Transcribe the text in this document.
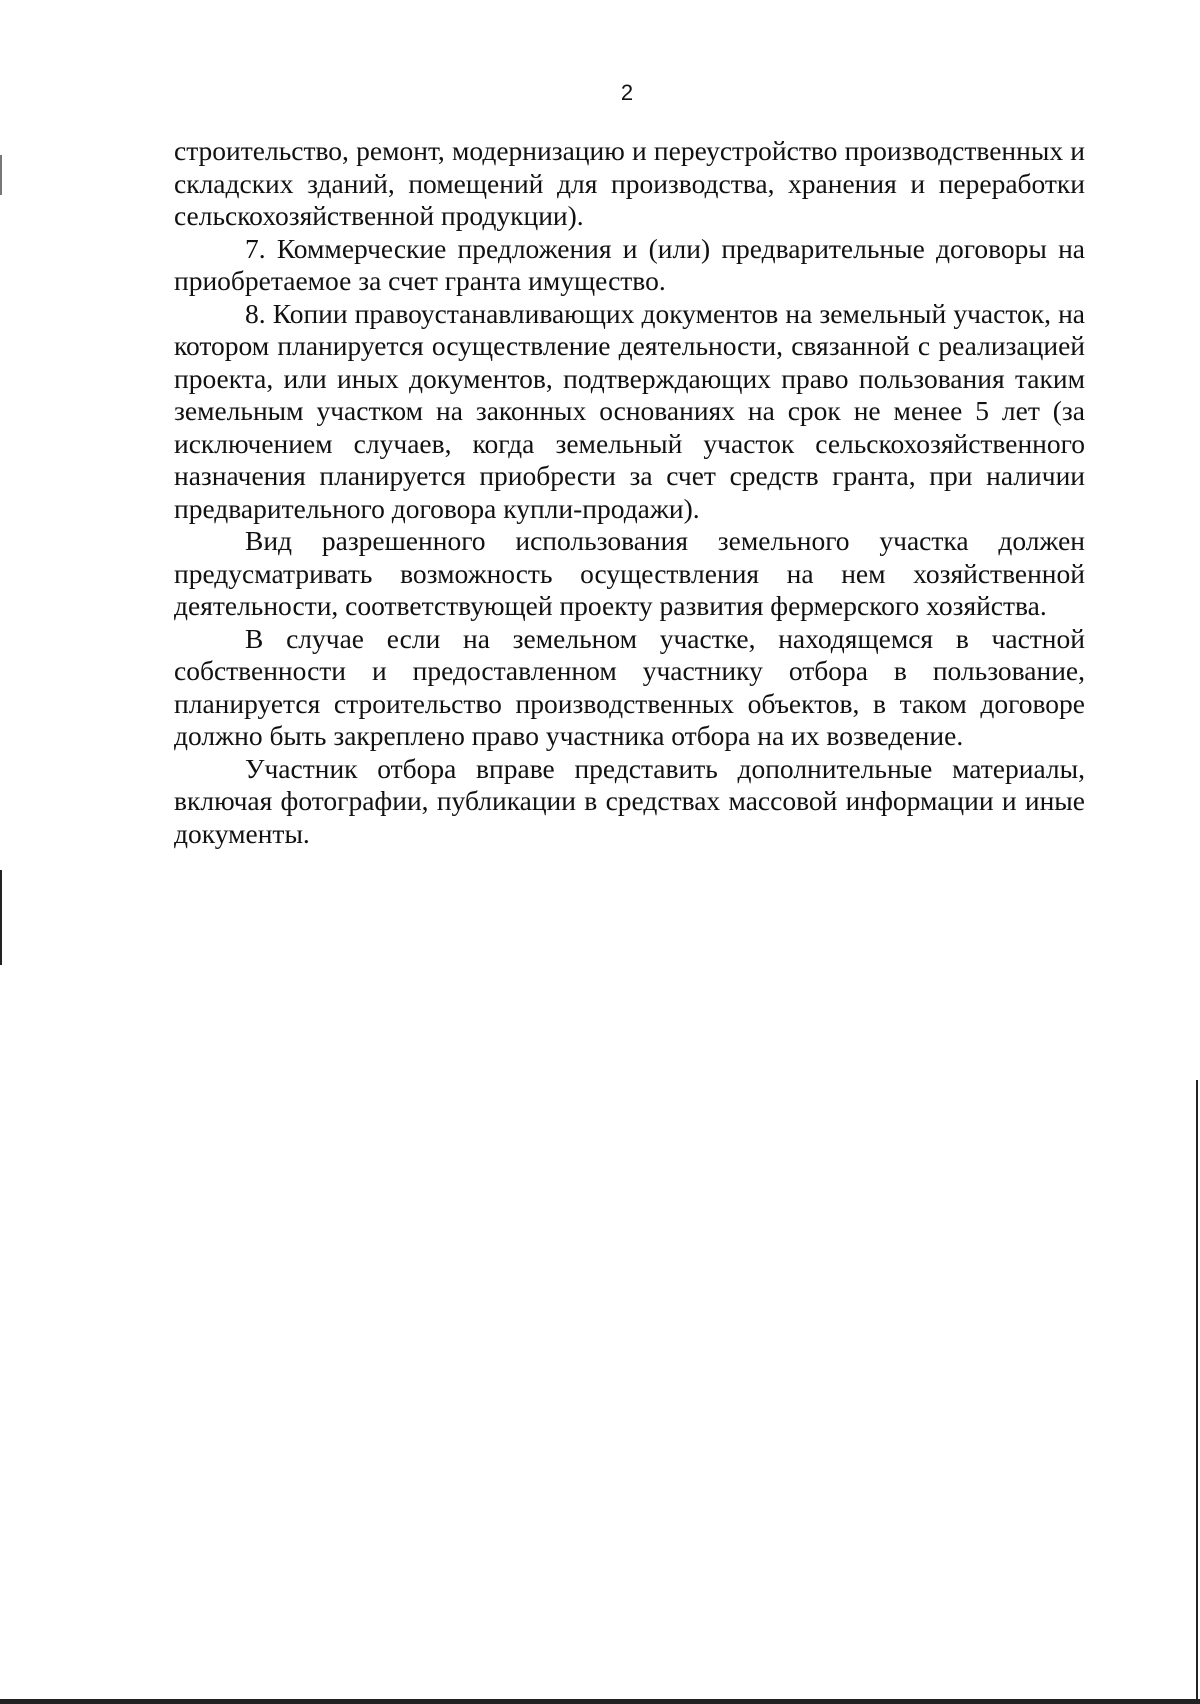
2

строительство, ремонт, модернизацию и переустройство производственных и складских зданий, помещений для производства, хранения и переработки сельскохозяйственной продукции).

7. Коммерческие предложения и (или) предварительные договоры на приобретаемое за счет гранта имущество.

8. Копии правоустанавливающих документов на земельный участок, на котором планируется осуществление деятельности, связанной с реализацией проекта, или иных документов, подтверждающих право пользования таким земельным участком на законных основаниях на срок не менее 5 лет (за исключением случаев, когда земельный участок сельскохозяйственного назначения планируется приобрести за счет средств гранта, при наличии предварительного договора купли-продажи).

Вид разрешенного использования земельного участка должен предусматривать возможность осуществления на нем хозяйственной деятельности, соответствующей проекту развития фермерского хозяйства.

В случае если на земельном участке, находящемся в частной собственности и предоставленном участнику отбора в пользование, планируется строительство производственных объектов, в таком договоре должно быть закреплено право участника отбора на их возведение.

Участник отбора вправе представить дополнительные материалы, включая фотографии, публикации в средствах массовой информации и иные документы.
